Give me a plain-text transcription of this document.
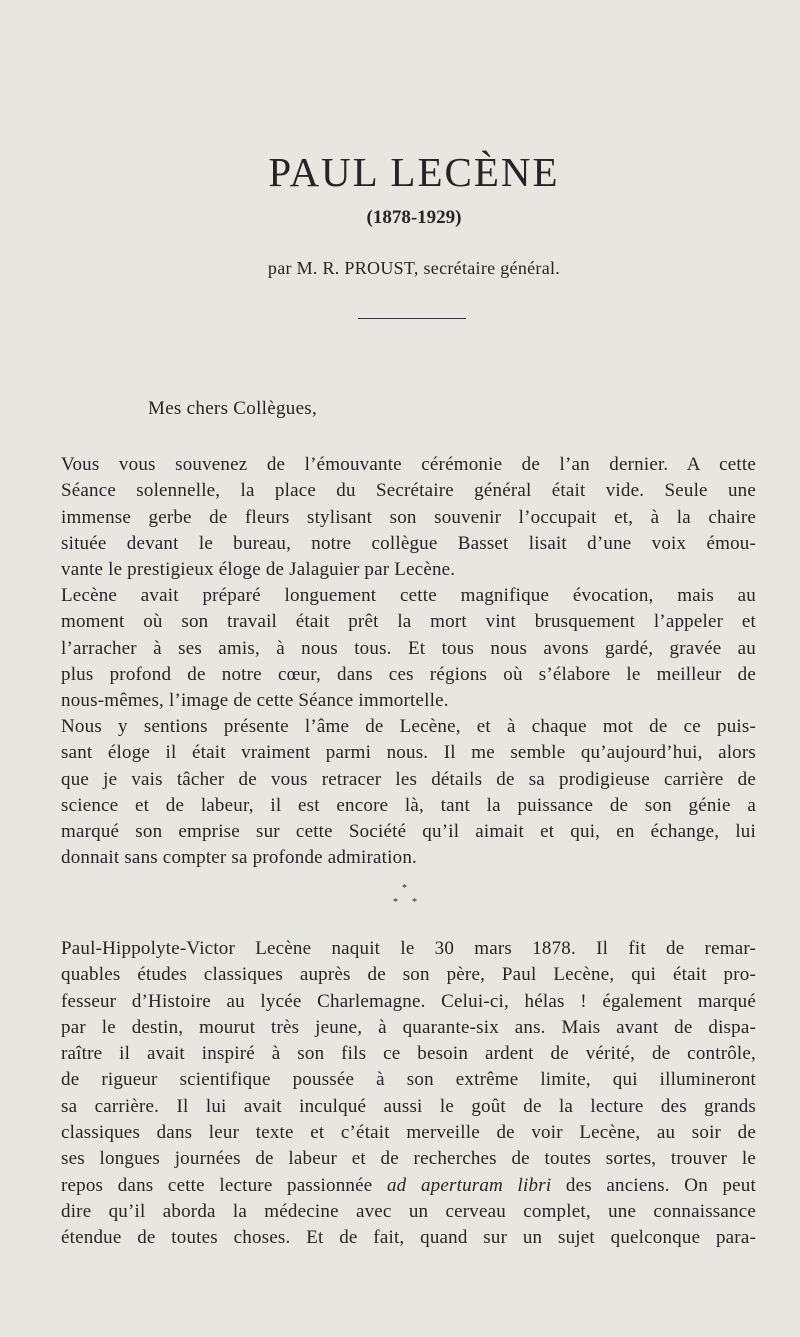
PAUL LECÈNE
(1878-1929)
par M. R. PROUST, secrétaire général.
Mes chers Collègues,

Vous vous souvenez de l’émouvante cérémonie de l’an dernier. A cette
Séance solennelle, la place du Secrétaire général était vide. Seule une
immense gerbe de fleurs stylisant son souvenir l’occupait et, à la chaire
située devant le bureau, notre collègue Basset lisait d’une voix émou-
vante le prestigieux éloge de Jalaguier par Lecène.

Lecène avait préparé longuement cette magnifique évocation, mais au
moment où son travail était prêt la mort vint brusquement l’appeler et
l’arracher à ses amis, à nous tous. Et tous nous avons gardé, gravée au
plus profond de notre cœur, dans ces régions où s’élabore le meilleur de
nous-mêmes, l’image de cette Séance immortelle.

Nous y sentions présente l’âme de Lecène, et à chaque mot de ce puis-
sant éloge il était vraiment parmi nous. Il me semble qu’aujourd’hui, alors
que je vais tâcher de vous retracer les détails de sa prodigieuse carrière de
science et de labeur, il est encore là, tant la puissance de son génie a
marqué son emprise sur cette Société qu’il aimait et qui, en échange, lui
donnait sans compter sa profonde admiration.

*
* *

Paul-Hippolyte-Victor Lecène naquit le 30 mars 1878. Il fit de remar-
quables études classiques auprès de son père, Paul Lecène, qui était pro-
fesseur d’Histoire au lycée Charlemagne. Celui-ci, hélas ! également marqué
par le destin, mourut très jeune, à quarante-six ans. Mais avant de dispa-
raître il avait inspiré à son fils ce besoin ardent de vérité, de contrôle,
de rigueur scientifique poussée à son extrême limite, qui illumineront
sa carrière. Il lui avait inculqué aussi le goût de la lecture des grands
classiques dans leur texte et c’était merveille de voir Lecène, au soir de
ses longues journées de labeur et de recherches de toutes sortes, trouver le
repos dans cette lecture passionnée ad aperturam libri des anciens. On peut
dire qu’il aborda la médecine avec un cerveau complet, une connaissance
étendue de toutes choses. Et de fait, quand sur un sujet quelconque para-
